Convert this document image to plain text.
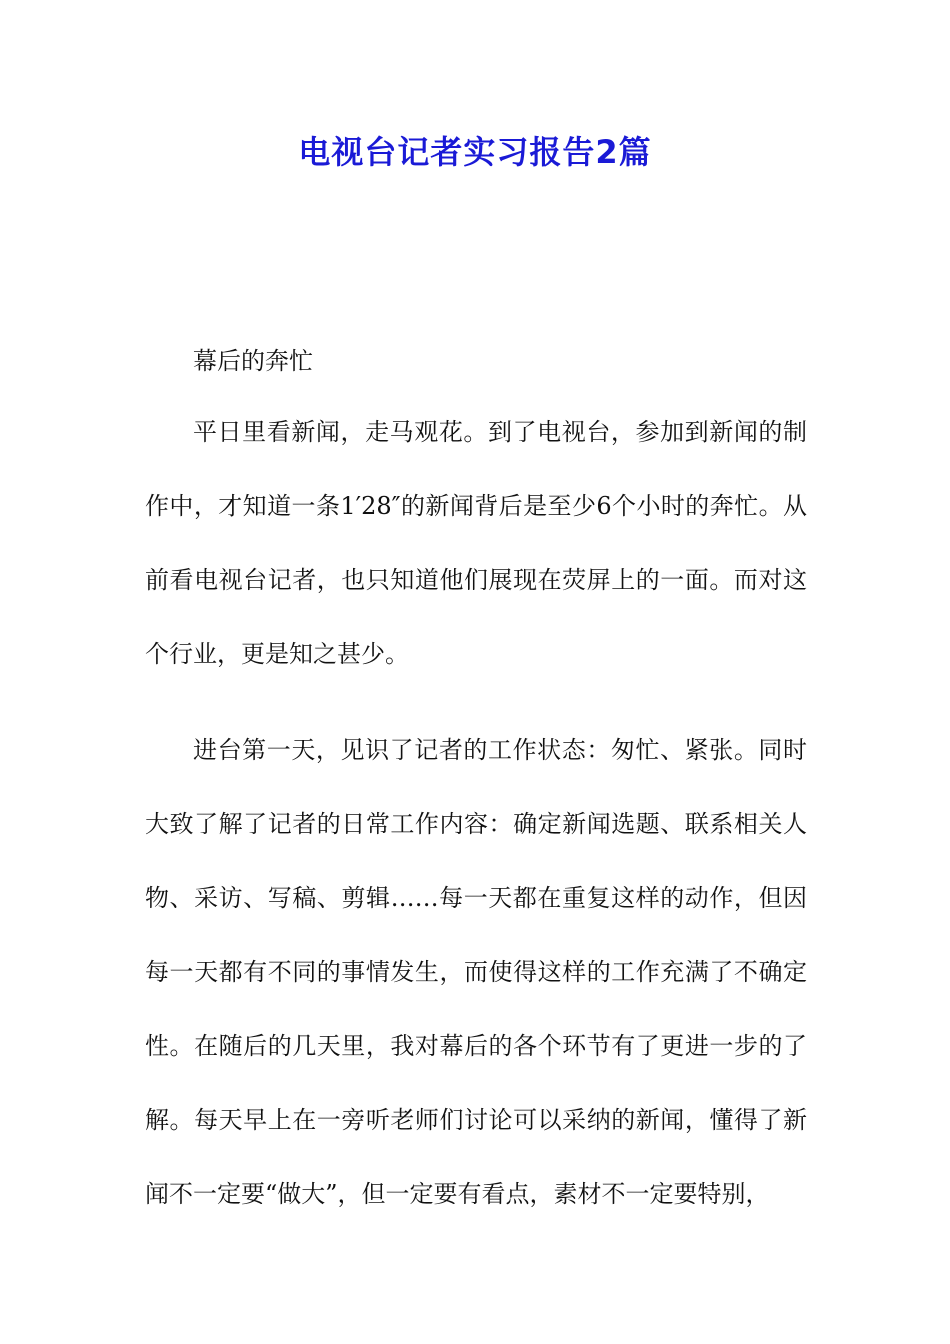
电视台记者实习报告2篇

幕后的奔忙

平日里看新闻，走马观花。到了电视台，参加到新闻的制作中，才知道一条1′28″的新闻背后是至少6个小时的奔忙。从前看电视台记者，也只知道他们展现在荧屏上的一面。而对这个行业，更是知之甚少。

进台第一天，见识了记者的工作状态：匆忙、紧张。同时大致了解了记者的日常工作内容：确定新闻选题、联系相关人物、采访、写稿、剪辑……每一天都在重复这样的动作，但因每一天都有不同的事情发生，而使得这样的工作充满了不确定性。在随后的几天里，我对幕后的各个环节有了更进一步的了解。每天早上在一旁听老师们讨论可以采纳的新闻，懂得了新闻不一定要“做大”，但一定要有看点，素材不一定要特别，
